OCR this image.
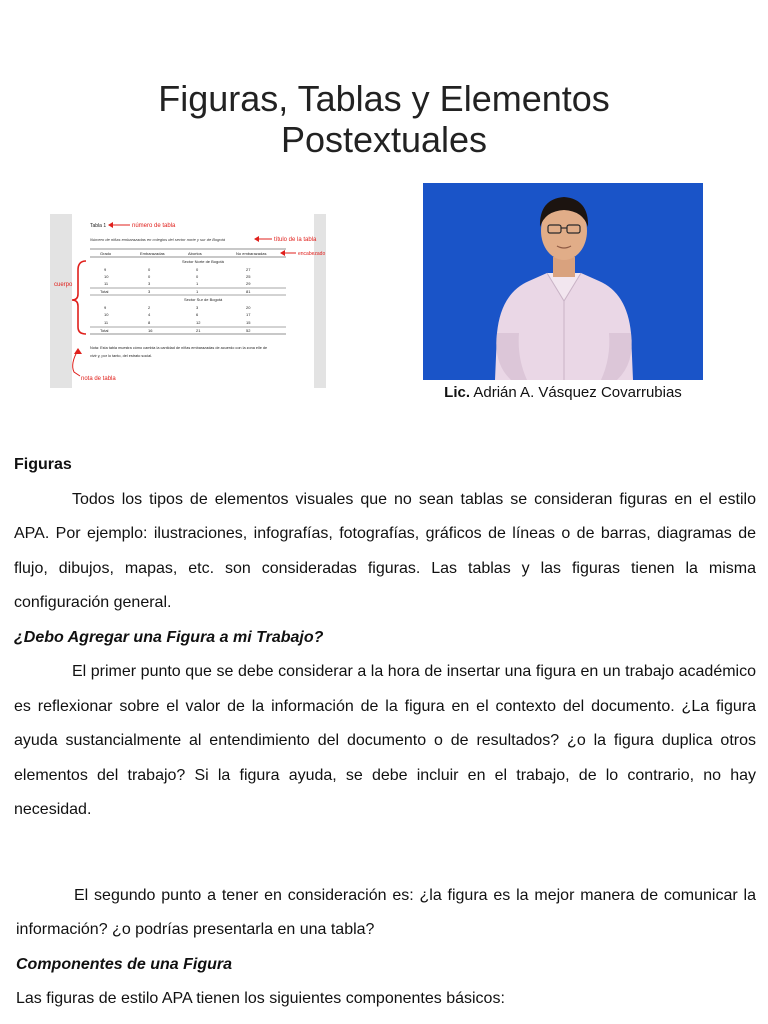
Figuras, Tablas y Elementos
Postextuales
Tabla 1	número de tabla
Número de niñas embarazadas en colegios del sector norte y sur de Bogotá	título de la tabla
encabezado
cuerpo
Grado	Embarazadas	Abortos	No embarazadas
Sector Norte de Bogotá
9	0	0	27
10	0	0	25
11	3	1	29
Total	3	1	81
Sector Sur de Bogotá
9	2	3	20
10	4	6	17
11	8	12	15
Total	16	21	52
Nota: Esta tabla muestra cómo cambia la cantidad de niñas embarazadas de acuerdo con la zona elle de
vivir y, por lo tanto, del estrato social.
nota de tabla
Lic. Adrián A. Vásquez Covarrubias

Figuras

Todos los tipos de elementos visuales que no sean tablas se consideran figuras en el estilo APA. Por ejemplo: ilustraciones, infografías, fotografías, gráficos de líneas o de barras, diagramas de flujo, dibujos, mapas, etc. son consideradas figuras. Las tablas y las figuras tienen la misma configuración general.

¿Debo Agregar una Figura a mi Trabajo?

El primer punto que se debe considerar a la hora de insertar una figura en un trabajo académico es reflexionar sobre el valor de la información de la figura en el contexto del documento. ¿La figura ayuda sustancialmente al entendimiento del documento o de resultados? ¿o la figura duplica otros elementos del trabajo? Si la figura ayuda, se debe incluir en el trabajo, de lo contrario, no hay necesidad.

El segundo punto a tener en consideración es: ¿la figura es la mejor manera de comunicar la información? ¿o podrías presentarla en una tabla?

Componentes de una Figura

Las figuras de estilo APA tienen los siguientes componentes básicos:
